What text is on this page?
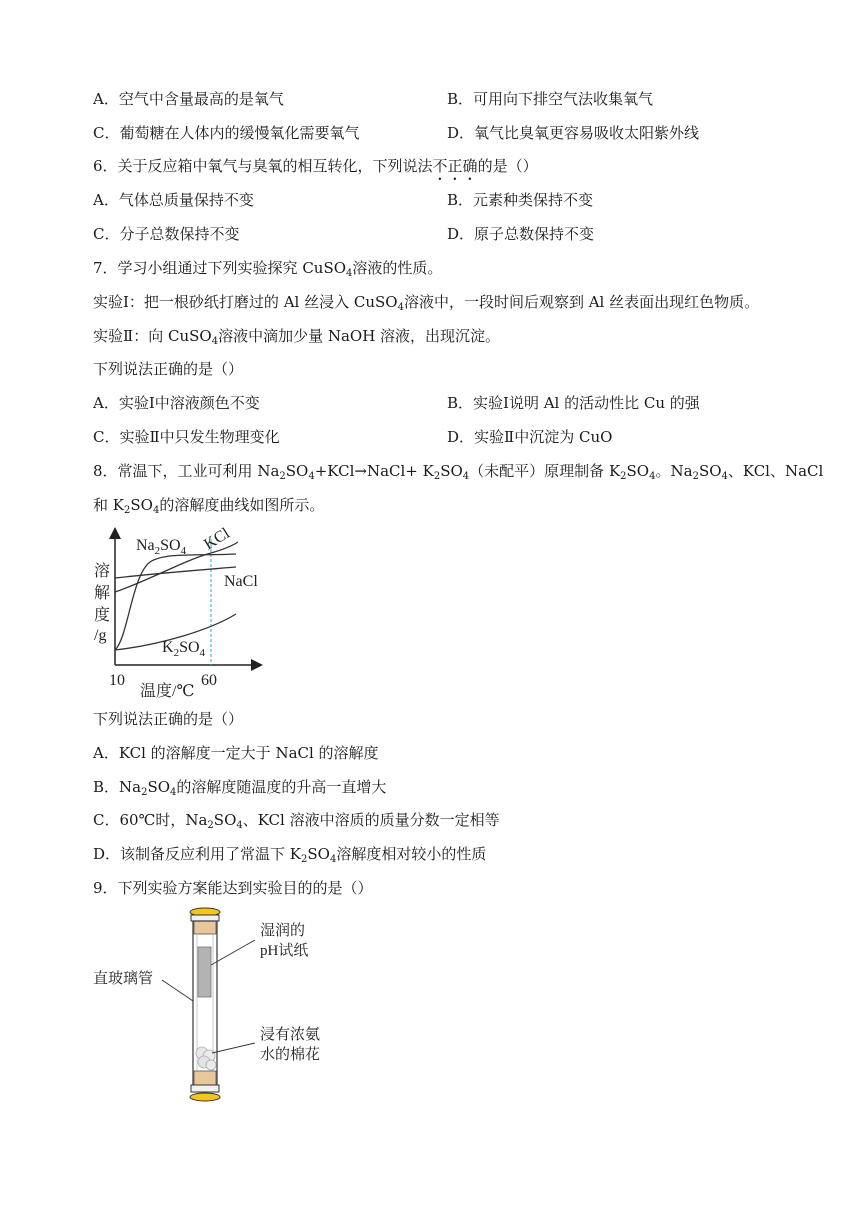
A．空气中含量最高的是氧气	B．可用向下排空气法收集氧气
C．葡萄糖在人体内的缓慢氧化需要氧气	D．氧气比臭氧更容易吸收太阳紫外线
6．关于反应箱中氧气与臭氧的相互转化，下列说法不正确的是（）
A．气体总质量保持不变	B．元素种类保持不变
C．分子总数保持不变	D．原子总数保持不变
7．学习小组通过下列实验探究 CuSO$_4$溶液的性质。
实验Ⅰ：把一根砂纸打磨过的 Al 丝浸入 CuSO$_4$溶液中，一段时间后观察到 Al 丝表面出现红色物质。
实验Ⅱ：向 CuSO$_4$溶液中滴加少量 NaOH 溶液，出现沉淀。
下列说法正确的是（）
A．实验Ⅰ中溶液颜色不变	B．实验Ⅰ说明 Al 的活动性比 Cu 的强
C．实验Ⅱ中只发生物理变化	D．实验Ⅱ中沉淀为 CuO
8．常温下，工业可利用 $Na_2SO_4+KCl\to NaCl+ K_2SO_4$（未配平）原理制备 $K_2SO_4$。$Na_2SO_4$、KCl、NaCl
和 $K_2SO_4$的溶解度曲线如图所示。
溶
解
度
/g
$Na_2SO_4$ KCl
NaCl
$K_2SO_4$
10	60
温度/℃
下列说法正确的是（）
A．KCl 的溶解度一定大于 NaCl 的溶解度
B．$Na_2SO_4$的溶解度随温度的升高一直增大
C．60℃时，$Na_2SO_4$、KCl 溶液中溶质的质量分数一定相等
D．该制备反应利用了常温下 $K_2SO_4$溶解度相对较小的性质
9．下列实验方案能达到实验目的的是（）
湿润的
pH试纸
直玻璃管
浸有浓氨
水的棉花
